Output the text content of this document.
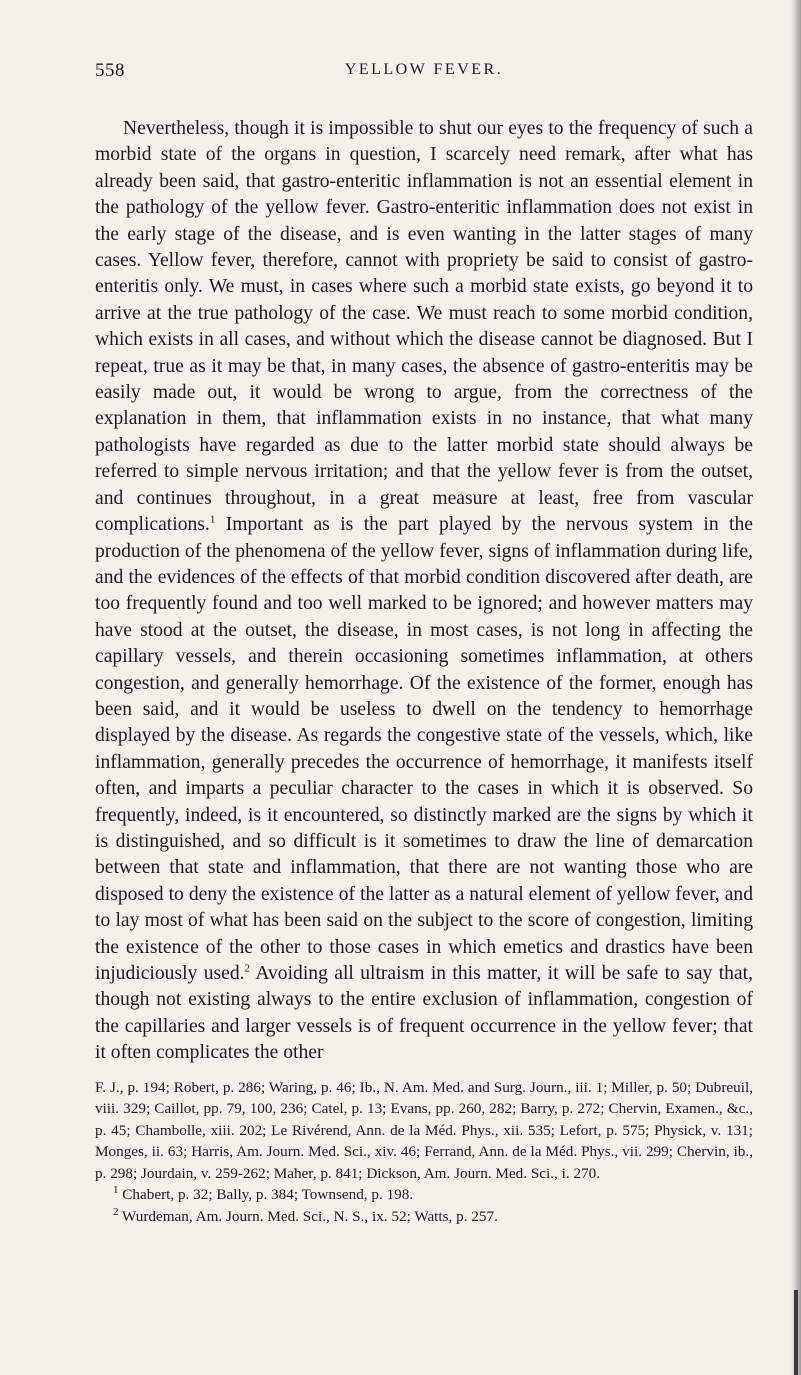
558	YELLOW FEVER.

Nevertheless, though it is impossible to shut our eyes to the frequency of such a morbid state of the organs in question, I scarcely need remark, after what has already been said, that gastro-enteritic inflammation is not an essential element in the pathology of the yellow fever. Gastro-enteritic inflammation does not exist in the early stage of the disease, and is even wanting in the latter stages of many cases. Yellow fever, therefore, cannot with propriety be said to consist of gastro-enteritis only. We must, in cases where such a morbid state exists, go beyond it to arrive at the true pathology of the case. We must reach to some morbid condition, which exists in all cases, and without which the disease cannot be diagnosed. But I repeat, true as it may be that, in many cases, the absence of gastro-enteritis may be easily made out, it would be wrong to argue, from the correctness of the explanation in them, that inflammation exists in no instance, that what many pathologists have regarded as due to the latter morbid state should always be referred to simple nervous irritation; and that the yellow fever is from the outset, and continues throughout, in a great measure at least, free from vascular complications.$^1$ Important as is the part played by the nervous system in the production of the phenomena of the yellow fever, signs of inflammation during life, and the evidences of the effects of that morbid condition discovered after death, are too frequently found and too well marked to be ignored; and however matters may have stood at the outset, the disease, in most cases, is not long in affecting the capillary vessels, and therein occasioning sometimes inflammation, at others congestion, and generally hemorrhage. Of the existence of the former, enough has been said, and it would be useless to dwell on the tendency to hemorrhage displayed by the disease. As regards the congestive state of the vessels, which, like inflammation, generally precedes the occurrence of hemorrhage, it manifests itself often, and imparts a peculiar character to the cases in which it is observed. So frequently, indeed, is it encountered, so distinctly marked are the signs by which it is distinguished, and so difficult is it sometimes to draw the line of demarcation between that state and inflammation, that there are not wanting those who are disposed to deny the existence of the latter as a natural element of yellow fever, and to lay most of what has been said on the subject to the score of congestion, limiting the existence of the other to those cases in which emetics and drastics have been injudiciously used.$^2$ Avoiding all ultraism in this matter, it will be safe to say that, though not existing always to the entire exclusion of inflammation, congestion of the capillaries and larger vessels is of frequent occurrence in the yellow fever; that it often complicates the other

F. J., p. 194; Robert, p. 286; Waring, p. 46; Ib., N. Am. Med. and Surg. Journ., iii. 1; Miller, p. 50; Dubreuil, viii. 329; Caillot, pp. 79, 100, 236; Catel, p. 13; Evans, pp. 260, 282; Barry, p. 272; Chervin, Examen., &c., p. 45; Chambolle, xiii. 202; Le Rivérend, Ann. de la Méd. Phys., xii. 535; Lefort, p. 575; Physick, v. 131; Monges, ii. 63; Harris, Am. Journ. Med. Sci., xiv. 46; Ferrand, Ann. de la Méd. Phys., vii. 299; Chervin, ib., p. 298; Jourdain, v. 259-262; Maher, p. 841; Dickson, Am. Journ. Med. Sci., i. 270.

$^1$ Chabert, p. 32; Bally, p. 384; Townsend, p. 198.

$^2$ Wurdeman, Am. Journ. Med. Sci., N. S., ix. 52; Watts, p. 257.
